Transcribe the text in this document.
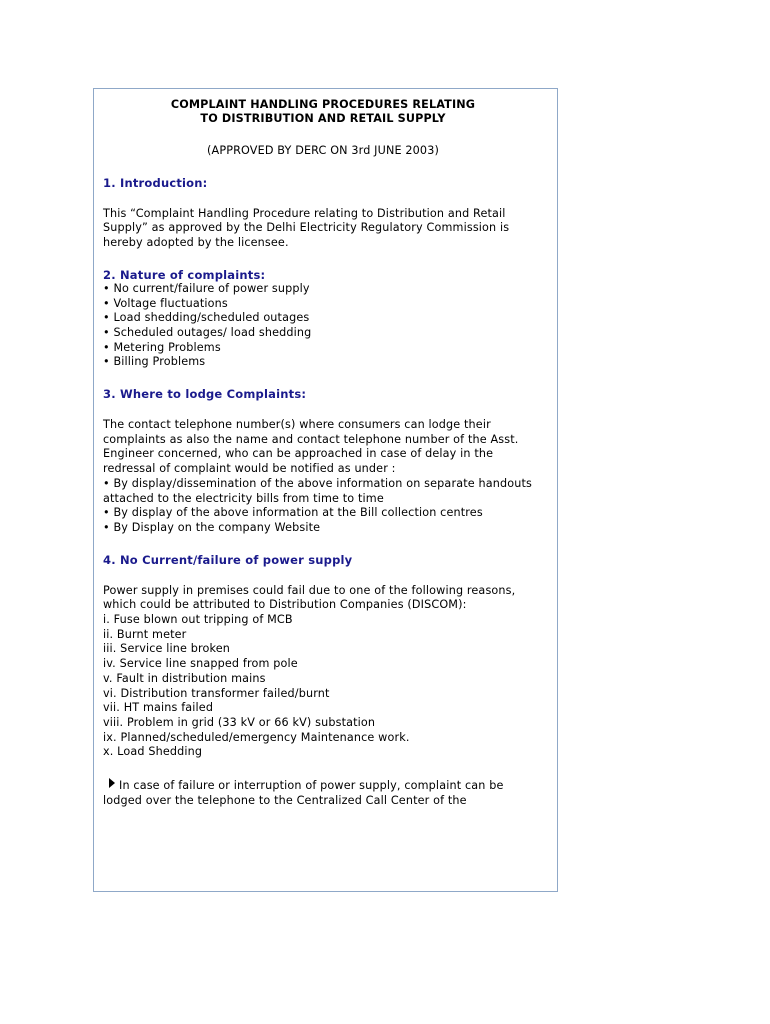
COMPLAINT HANDLING PROCEDURES RELATING

TO DISTRIBUTION AND RETAIL SUPPLY

(APPROVED BY DERC ON 3rd JUNE 2003)

1. Introduction:

This “Complaint Handling Procedure relating to Distribution and Retail Supply” as approved by the Delhi Electricity Regulatory Commission is hereby adopted by the licensee.

2. Nature of complaints:
• No current/failure of power supply
• Voltage fluctuations
• Load shedding/scheduled outages
• Scheduled outages/ load shedding
• Metering Problems
• Billing Problems
3. Where to lodge Complaints:

The contact telephone number(s) where consumers can lodge their complaints as also the name and contact telephone number of the Asst. Engineer concerned, who can be approached in case of delay in the redressal of complaint would be notified as under :

• By display/dissemination of the above information on separate handouts attached to the electricity bills from time to time
• By display of the above information at the Bill collection centres
• By Display on the company Website
4. No Current/failure of power supply

Power supply in premises could fail due to one of the following reasons, which could be attributed to Distribution Companies (DISCOM):

i. Fuse blown out tripping of MCB
ii. Burnt meter
iii. Service line broken
iv. Service line snapped from pole
v. Fault in distribution mains
vi. Distribution transformer failed/burnt
vii. HT mains failed
viii. Problem in grid (33 kV or 66 kV) substation
ix. Planned/scheduled/emergency Maintenance work.
x. Load Shedding

In case of failure or interruption of power supply, complaint can be lodged over the telephone to the Centralized Call Center of the
